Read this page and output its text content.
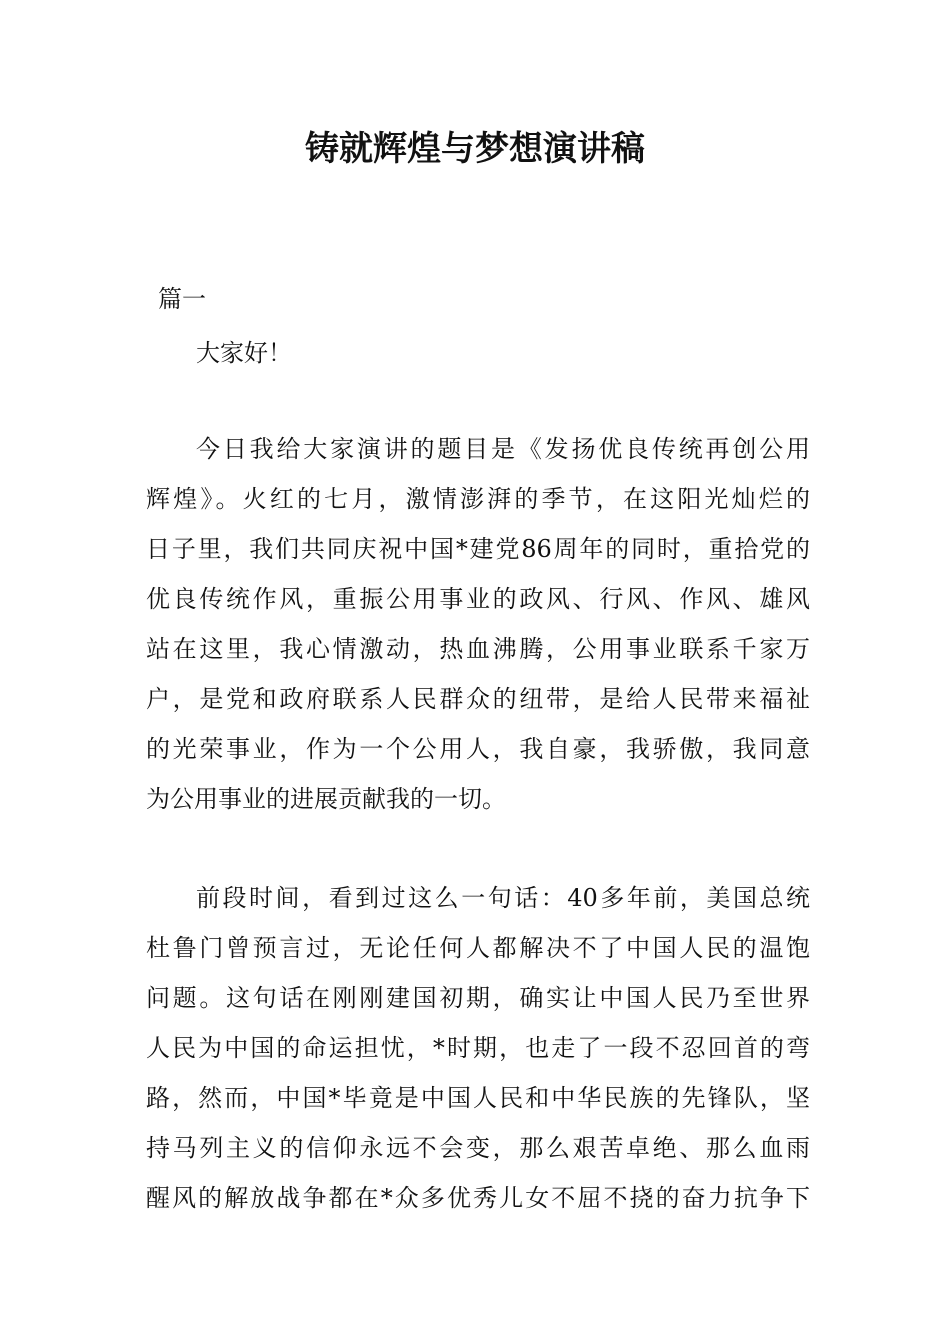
铸就辉煌与梦想演讲稿
篇一
大家好！
今日我给大家演讲的题目是《发扬优良传统再创公用
辉煌》。火红的七月，激情澎湃的季节，在这阳光灿烂的
日子里，我们共同庆祝中国*建党86周年的同时，重拾党的
优良传统作风，重振公用事业的政风、行风、作风、雄风
站在这里，我心情激动，热血沸腾，公用事业联系千家万
户，是党和政府联系人民群众的纽带，是给人民带来福祉
的光荣事业，作为一个公用人，我自豪，我骄傲，我同意
为公用事业的进展贡献我的一切。
前段时间，看到过这么一句话：40多年前，美国总统
杜鲁门曾预言过，无论任何人都解决不了中国人民的温饱
问题。这句话在刚刚建国初期，确实让中国人民乃至世界
人民为中国的命运担忧，*时期，也走了一段不忍回首的弯
路，然而，中国*毕竟是中国人民和中华民族的先锋队，坚
持马列主义的信仰永远不会变，那么艰苦卓绝、那么血雨
醒风的解放战争都在*众多优秀儿女不屈不挠的奋力抗争下
